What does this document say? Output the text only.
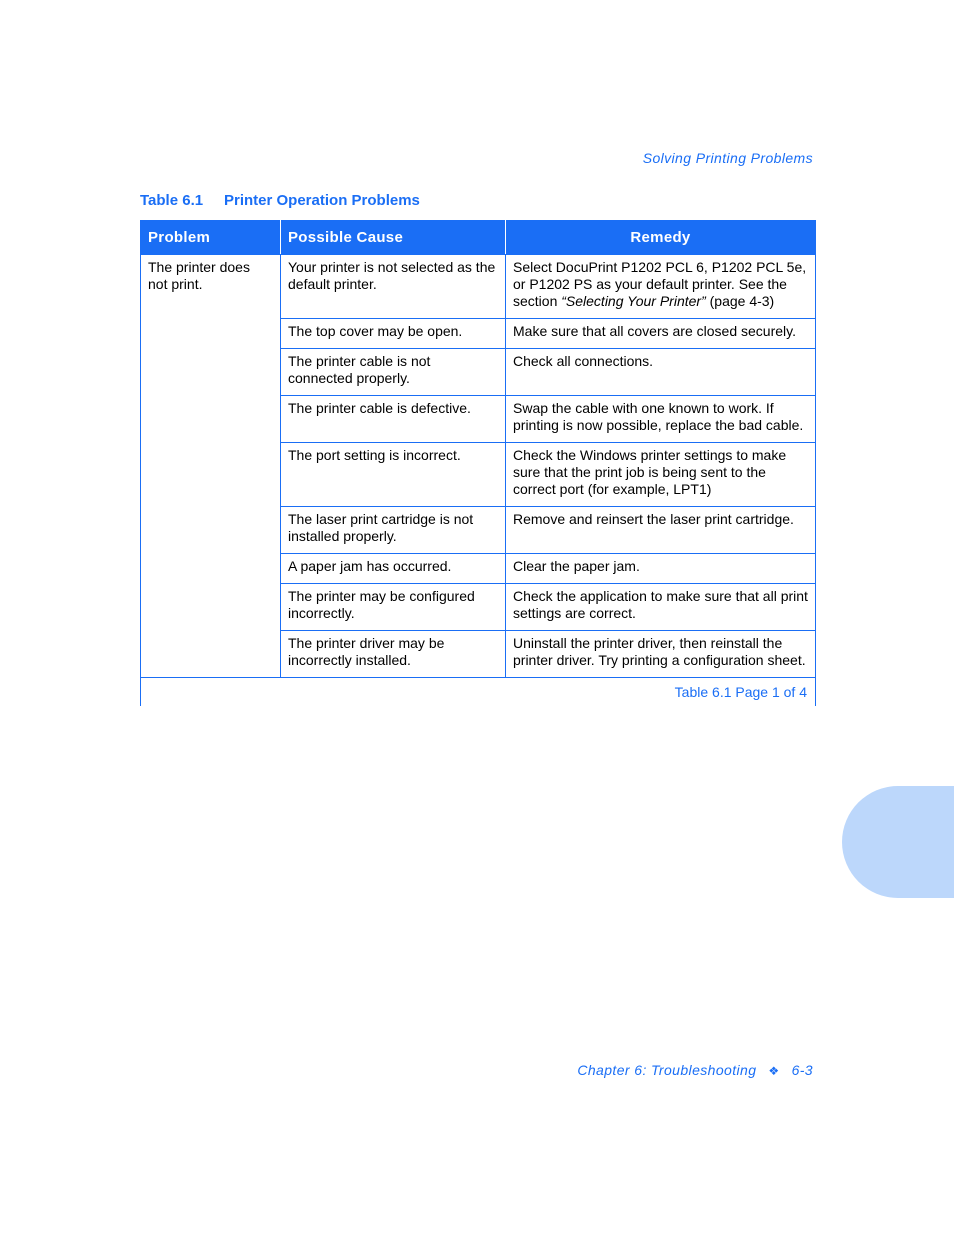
Solving Printing Problems
Table 6.1 Printer Operation Problems
Problem	Possible Cause	Remedy
The printer does not print.	Your printer is not selected as the default printer.	Select DocuPrint P1202 PCL 6, P1202 PCL 5e, or P1202 PS as your default printer. See the section “Selecting Your Printer” (page 4-3)
	The top cover may be open.	Make sure that all covers are closed securely.
	The printer cable is not connected properly.	Check all connections.
	The printer cable is defective.	Swap the cable with one known to work. If printing is now possible, replace the bad cable.
	The port setting is incorrect.	Check the Windows printer settings to make sure that the print job is being sent to the correct port (for example, LPT1)
	The laser print cartridge is not installed properly.	Remove and reinsert the laser print cartridge.
	A paper jam has occurred.	Clear the paper jam.
	The printer may be configured incorrectly.	Check the application to make sure that all print settings are correct.
	The printer driver may be incorrectly installed.	Uninstall the printer driver, then reinstall the printer driver. Try printing a configuration sheet.
Table 6.1 Page 1 of 4		
Chapter 6: Troubleshooting ❖ 6-3
